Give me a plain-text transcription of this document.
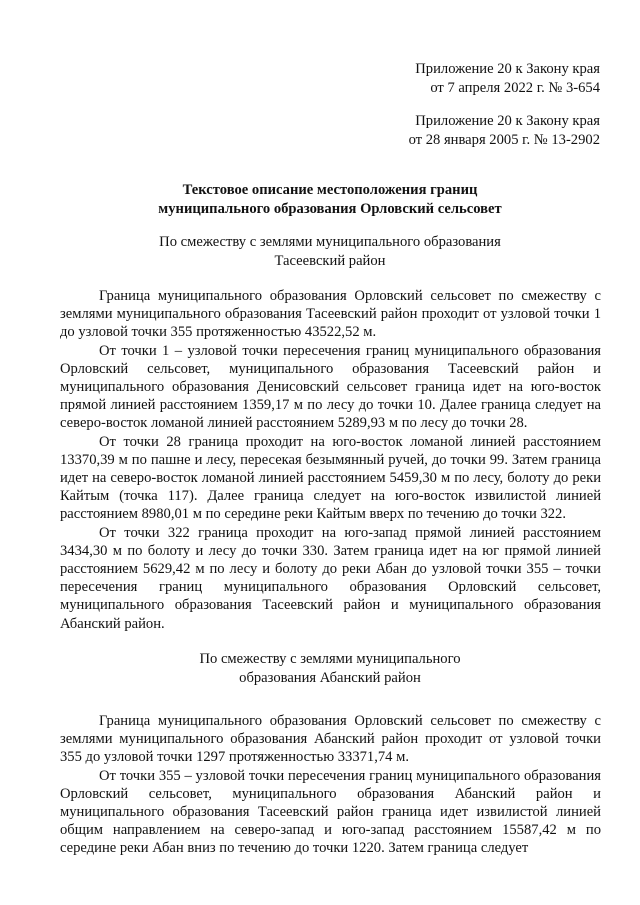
Приложение 20 к Закону края
от 7 апреля 2022 г. № 3-654
Приложение 20 к Закону края
от 28 января 2005 г. № 13-2902
Текстовое описание местоположения границ
муниципального образования Орловский сельсовет
По смежеству с землями муниципального образования
Тасеевский район

Граница муниципального образования Орловский сельсовет по смежеству с землями муниципального образования Тасеевский район проходит от узловой точки 1 до узловой точки 355 протяженностью 43522,52 м.

От точки 1 – узловой точки пересечения границ муниципального образования Орловский сельсовет, муниципального образования Тасеевский район и муниципального образования Денисовский сельсовет граница идет на юго-восток прямой линией расстоянием 1359,17 м по лесу до точки 10. Далее граница следует на северо-восток ломаной линией расстоянием 5289,93 м по лесу до точки 28.

От точки 28 граница проходит на юго-восток ломаной линией расстоянием 13370,39 м по пашне и лесу, пересекая безымянный ручей, до точки 99. Затем граница идет на северо-восток ломаной линией расстоянием 5459,30 м по лесу, болоту до реки Кайтым (точка 117). Далее граница следует на юго-восток извилистой линией расстоянием 8980,01 м по середине реки Кайтым вверх по течению до точки 322.

От точки 322 граница проходит на юго-запад прямой линией расстоянием 3434,30 м по болоту и лесу до точки 330. Затем граница идет на юг прямой линией расстоянием 5629,42 м по лесу и болоту до реки Абан до узловой точки 355 – точки пересечения границ муниципального образования Орловский сельсовет, муниципального образования Тасеевский район и муниципального образования Абанский район.

По смежеству с землями муниципального
образования Абанский район

Граница муниципального образования Орловский сельсовет по смежеству с землями муниципального образования Абанский район проходит от узловой точки 355 до узловой точки 1297 протяженностью 33371,74 м.

От точки 355 – узловой точки пересечения границ муниципального образования Орловский сельсовет, муниципального образования Абанский район и муниципального образования Тасеевский район граница идет извилистой линией общим направлением на северо-запад и юго-запад расстоянием 15587,42 м по середине реки Абан вниз по течению до точки 1220. Затем граница следует
